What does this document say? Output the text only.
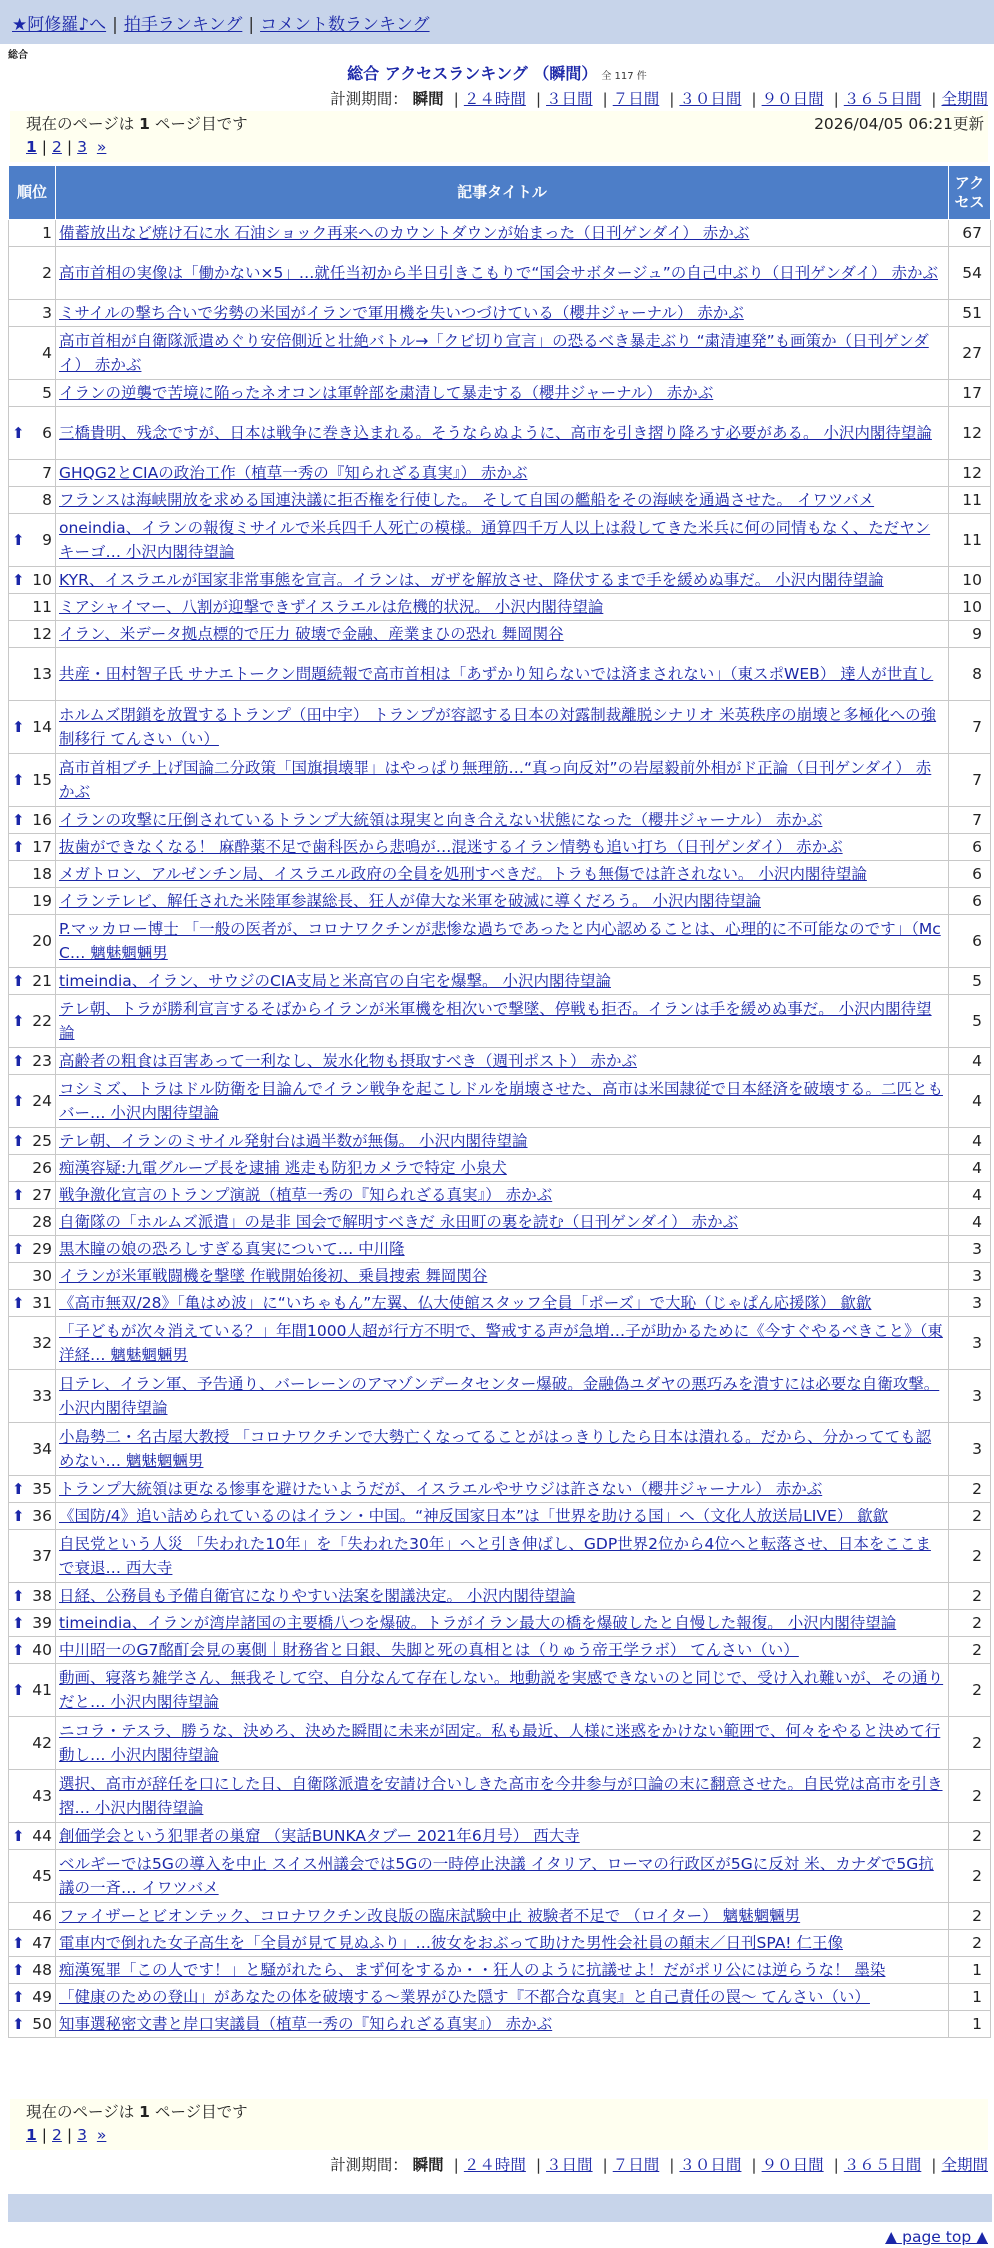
★阿修羅♪へ | 拍手ランキング | コメント数ランキング
総合
総合 アクセスランキング （瞬間） 全 117 件
計測期間： 瞬間 | ２４時間 | ３日間 | ７日間 | ３０日間 | ９０日間 | ３６５日間 | 全期間
現在のページは 1 ページ目です	2026/04/05 06:21更新
1 | 2 | 3 »
順位	記事タイトル	アクセス
1	備蓄放出など焼け石に水 石油ショック再来へのカウントダウンが始まった（日刊ゲンダイ） 赤かぶ	67
2	高市首相の実像は「働かない×5」…就任当初から半日引きこもりで“国会サボタージュ”の自己中ぶり（日刊ゲンダイ） 赤かぶ	54
3	ミサイルの撃ち合いで劣勢の米国がイランで軍用機を失いつづけている（櫻井ジャーナル） 赤かぶ	51
4	高市首相が自衛隊派遣めぐり安倍側近と壮絶バトル→「クビ切り宣言」の恐るべき暴走ぶり “粛清連発”も画策か（日刊ゲンダイ） 赤かぶ	27
5	イランの逆襲で苦境に陥ったネオコンは軍幹部を粛清して暴走する（櫻井ジャーナル） 赤かぶ	17

⬆ 6	三橋貴明、残念ですが、日本は戦争に巻き込まれる。そうならぬように、高市を引き摺り降ろす必要がある。 小沢内閣待望論	12
7	GHQG2とCIAの政治工作（植草一秀の『知られざる真実』） 赤かぶ	12
8	フランスは海峡開放を求める国連決議に拒否権を行使した。 そして自国の艦船をその海峡を通過させた。 イワツバメ	11

⬆ 9	oneindia、イランの報復ミサイルで米兵四千人死亡の模様。通算四千万人以上は殺してきた米兵に何の同情もなく、ただヤンキーゴ… 小沢内閣待望論	11

⬆ 10	KYR、イスラエルが国家非常事態を宣言。イランは、ガザを解放させ、降伏するまで手を緩めぬ事だ。 小沢内閣待望論	10
11	ミアシャイマー、八割が迎撃できずイスラエルは危機的状況。 小沢内閣待望論	10
12	イラン、米データ拠点標的で圧力 破壊で金融、産業まひの恐れ 舞岡関谷	9
13	共産・田村智子氏 サナエトークン問題続報で高市首相は「あずかり知らないでは済まされない」（東スポWEB） 達人が世直し	8

⬆ 14	ホルムズ閉鎖を放置するトランプ（田中宇） トランプが容認する日本の対露制裁離脱シナリオ 米英秩序の崩壊と多極化への強制移行 てんさい（い）	7

⬆ 15	高市首相ブチ上げ国論二分政策「国旗損壊罪」はやっぱり無理筋…“真っ向反対”の岩屋毅前外相がド正論（日刊ゲンダイ） 赤かぶ	7

⬆ 16	イランの攻撃に圧倒されているトランプ大統領は現実と向き合えない状態になった（櫻井ジャーナル） 赤かぶ	7

⬆ 17	抜歯ができなくなる！ 麻酔薬不足で歯科医から悲鳴が…混迷するイラン情勢も追い打ち（日刊ゲンダイ） 赤かぶ	6
18	メガトロン、アルゼンチン局、イスラエル政府の全員を処刑すべきだ。トラも無傷では許されない。 小沢内閣待望論	6
19	イランテレビ、解任された米陸軍参謀総長、狂人が偉大な米軍を破滅に導くだろう。 小沢内閣待望論	6
20	P.マッカロー博士 「一般の医者が、コロナワクチンが悲惨な過ちであったと内心認めることは、心理的に不可能なのです」（McC… 魑魅魍魎男	6

⬆ 21	timeindia、イラン、サウジのCIA支局と米高官の自宅を爆撃。 小沢内閣待望論	5

⬆ 22	テレ朝、トラが勝利宣言するそばからイランが米軍機を相次いで撃墜、停戦も拒否。イランは手を緩めぬ事だ。 小沢内閣待望論	5

⬆ 23	高齢者の粗食は百害あって一利なし、炭水化物も摂取すべき（週刊ポスト） 赤かぶ	4

⬆ 24	コシミズ、トラはドル防衛を目論んでイラン戦争を起こしドルを崩壊させた、高市は米国隷従で日本経済を破壊する。二匹ともバー… 小沢内閣待望論	4

⬆ 25	テレ朝、イランのミサイル発射台は過半数が無傷。 小沢内閣待望論	4
26	痴漢容疑:九電グループ長を逮捕 逃走も防犯カメラで特定 小泉犬	4

⬆ 27	戦争激化宣言のトランプ演説（植草一秀の『知られざる真実』） 赤かぶ	4
28	自衛隊の「ホルムズ派遣」の是非 国会で解明すべきだ 永田町の裏を読む（日刊ゲンダイ） 赤かぶ	4

⬆ 29	黒木瞳の娘の恐ろしすぎる真実について… 中川隆	3
30	イランが米軍戦闘機を撃墜 作戦開始後初、乗員捜索 舞岡関谷	3

⬆ 31	《高市無双/28》「亀はめ波」に“いちゃもん”左翼、仏大使館スタッフ全員「ポーズ」で大恥（じゃぱん応援隊） 歙歙	3
32	「子どもが次々消えている？」年間1000人超が行方不明で、警戒する声が急増…子が助かるために《今すぐやるべきこと》（東洋経… 魑魅魍魎男	3
33	日テレ、イラン軍、予告通り、バーレーンのアマゾンデータセンター爆破。金融偽ユダヤの悪巧みを潰すには必要な自衛攻撃。 小沢内閣待望論	3
34	小島勢二・名古屋大教授 「コロナワクチンで大勢亡くなってることがはっきりしたら日本は潰れる。だから、分かってても認めない… 魑魅魍魎男	3

⬆ 35	トランプ大統領は更なる惨事を避けたいようだが、イスラエルやサウジは許さない（櫻井ジャーナル） 赤かぶ	2

⬆ 36	《国防/4》追い詰められているのはイラン・中国。“神反国家日本”は「世界を助ける国」へ（文化人放送局LIVE） 歙歙	2
37	自民党という人災 「失われた10年」を「失われた30年」へと引き伸ばし、GDP世界2位から4位へと転落させ、日本をここまで衰退… 西大寺	2

⬆ 38	日経、公務員も予備自衛官になりやすい法案を閣議決定。 小沢内閣待望論	2

⬆ 39	timeindia、イランが湾岸諸国の主要橋八つを爆破。トラがイラン最大の橋を爆破したと自慢した報復。 小沢内閣待望論	2

⬆ 40	中川昭一のG7酩酊会見の裏側｜財務省と日銀、失脚と死の真相とは（りゅう帝王学ラボ） てんさい（い）	2

⬆ 41	動画、寝落ち雑学さん、無我そして空、自分なんて存在しない。地動説を実感できないのと同じで、受け入れ難いが、その通りだと… 小沢内閣待望論	2
42	ニコラ・テスラ、勝うな、決めろ、決めた瞬間に未来が固定。私も最近、人様に迷惑をかけない範囲で、何々をやると決めて行動し… 小沢内閣待望論	2
43	選択、高市が辞任を口にした日、自衛隊派遣を安請け合いしきた高市を今井参与が口論の末に翻意させた。自民党は高市を引き摺… 小沢内閣待望論	2

⬆ 44	創価学会という犯罪者の巣窟 （実話BUNKAタブー 2021年6月号） 西大寺	2
45	ベルギーでは5Gの導入を中止 スイス州議会では5Gの一時停止決議 イタリア、ローマの行政区が5Gに反対 米、カナダで5G抗議の一斉… イワツバメ	2
46	ファイザーとビオンテック、コロナワクチン改良版の臨床試験中止 被験者不足で （ロイター） 魑魅魍魎男	2

⬆ 47	電車内で倒れた女子高生を「全員が見て見ぬふり」…彼女をおぶって助けた男性会社員の顛末／日刊SPA! 仁王像	2

⬆ 48	痴漢冤罪「この人です！」と騒がれたら、まず何をするか・・狂人のように抗議せよ！だがポリ公には逆らうな！ 墨染	1

⬆ 49	「健康のための登山」があなたの体を破壊する〜業界がひた隠す『不都合な真実』と自己責任の罠〜 てんさい（い）	1

⬆ 50	知事選秘密文書と岸口実議員（植草一秀の『知られざる真実』） 赤かぶ	1
現在のページは 1 ページ目です
1 | 2 | 3 »
計測期間： 瞬間 | ２４時間 | ３日間 | ７日間 | ３０日間 | ９０日間 | ３６５日間 | 全期間
▲ page top ▲
